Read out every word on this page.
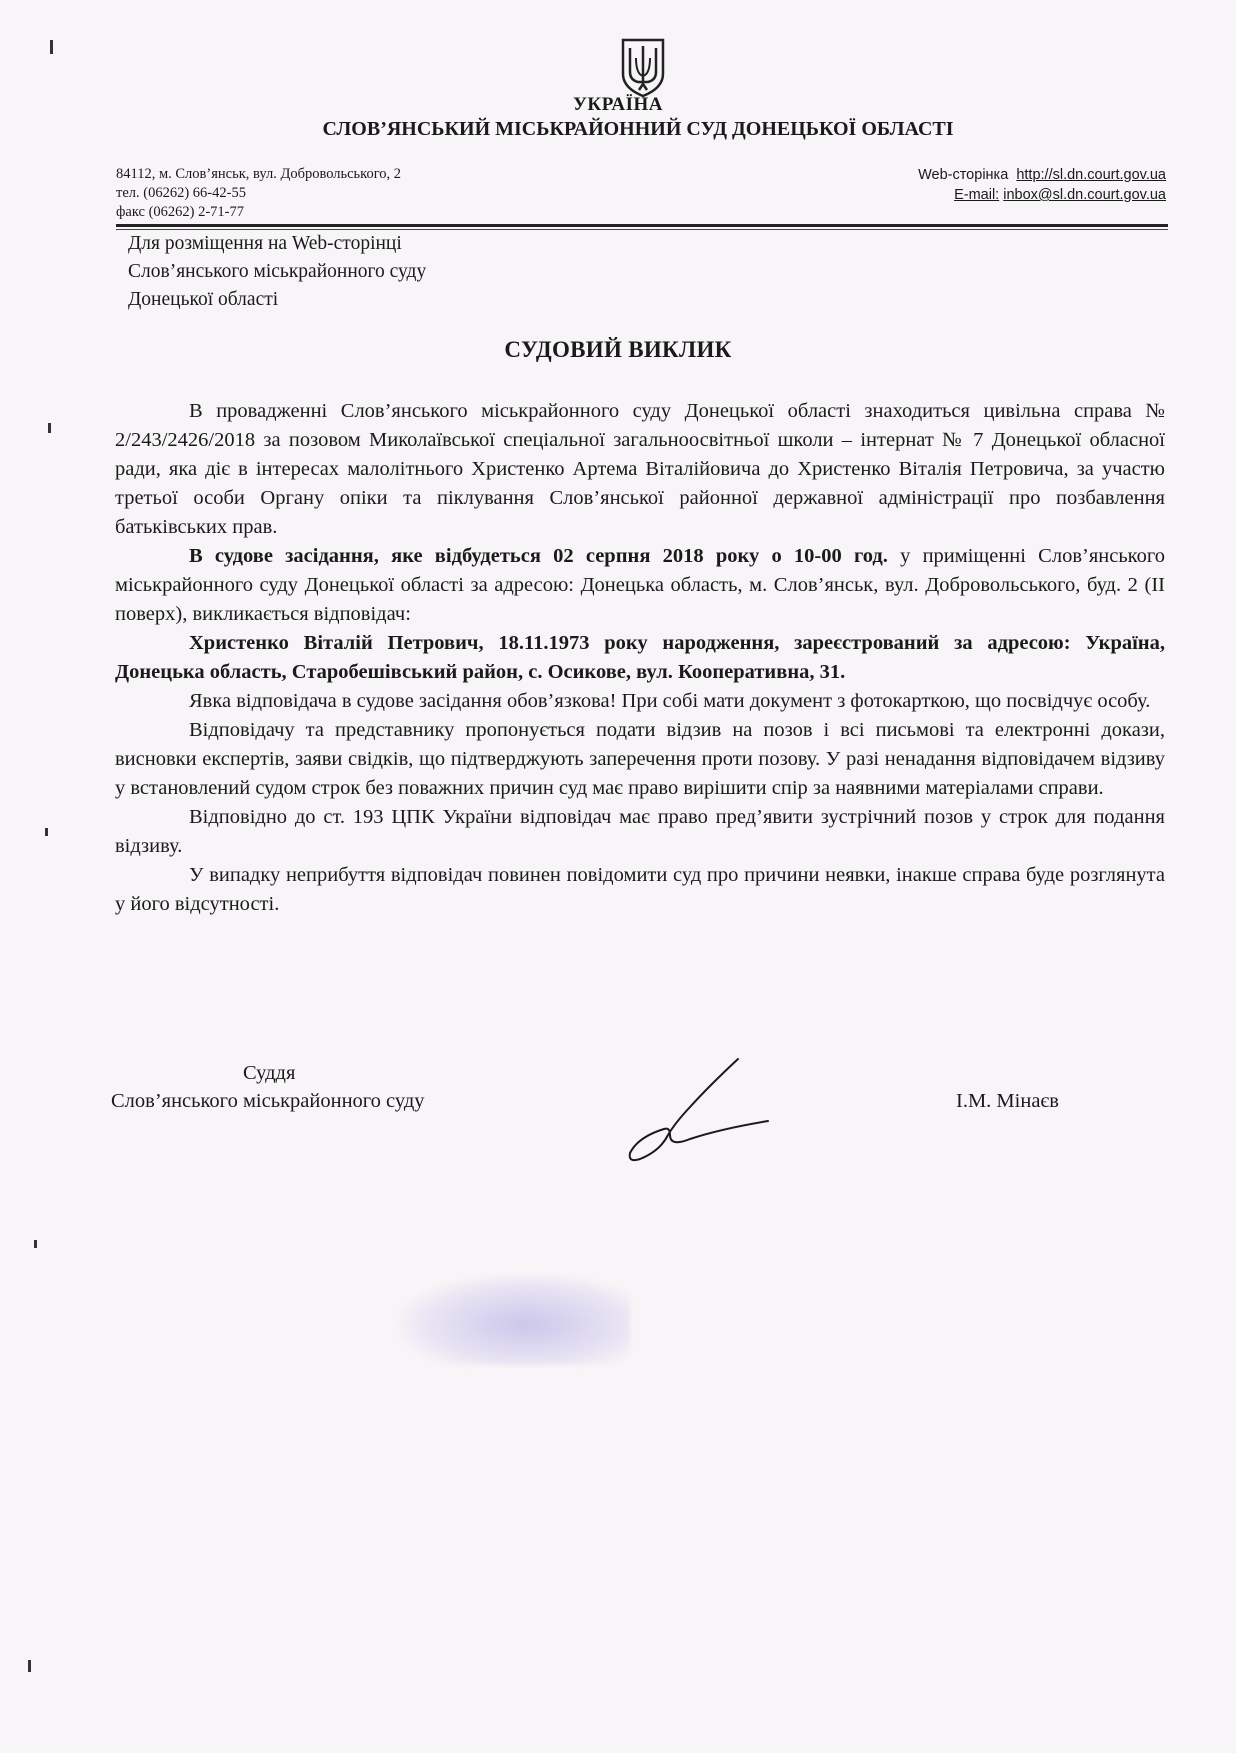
УКРАЇНА
СЛОВ’ЯНСЬКИЙ МІСЬКРАЙОННИЙ СУД ДОНЕЦЬКОЇ ОБЛАСТІ
84112, м. Слов’янськ, вул. Добровольського, 2
тел. (06262) 66-42-55
факс (06262) 2-71-77
Web-сторінка http://sl.dn.court.gov.ua
E-mail: inbox@sl.dn.court.gov.ua
Для розміщення на Web-сторінці
Слов’янського міськрайонного суду
Донецької області
СУДОВИЙ ВИКЛИК

В провадженні Слов’янського міськрайонного суду Донецької області знаходиться цивільна справа № 2/243/2426/2018 за позовом Миколаївської спеціальної загальноосвітньої школи – інтернат № 7 Донецької обласної ради, яка діє в інтересах малолітнього Христенко Артема Віталійовича до Христенко Віталія Петровича, за участю третьої особи Органу опіки та піклування Слов’янської районної державної адміністрації про позбавлення батьківських прав.

В судове засідання, яке відбудеться 02 серпня 2018 року о 10-00 год. у приміщенні Слов’янського міськрайонного суду Донецької області за адресою: Донецька область, м. Слов’янськ, вул. Добровольського, буд. 2 (ІІ поверх), викликається відповідач:

Христенко Віталій Петрович, 18.11.1973 року народження, зареєстрований за адресою: Україна, Донецька область, Старобешівський район, с. Осикове, вул. Кооперативна, 31.

Явка відповідача в судове засідання обов’язкова! При собі мати документ з фотокарткою, що посвідчує особу.

Відповідачу та представнику пропонується подати відзив на позов і всі письмові та електронні докази, висновки експертів, заяви свідків, що підтверджують заперечення проти позову. У разі ненадання відповідачем відзиву у встановлений судом строк без поважних причин суд має право вирішити спір за наявними матеріалами справи.

Відповідно до ст. 193 ЦПК України відповідач має право пред’явити зустрічний позов у строк для подання відзиву.

У випадку неприбуття відповідач повинен повідомити суд про причини неявки, інакше справа буде розглянута у його відсутності.

Суддя
Слов’янського міськрайонного суду	І.М. Мінаєв
